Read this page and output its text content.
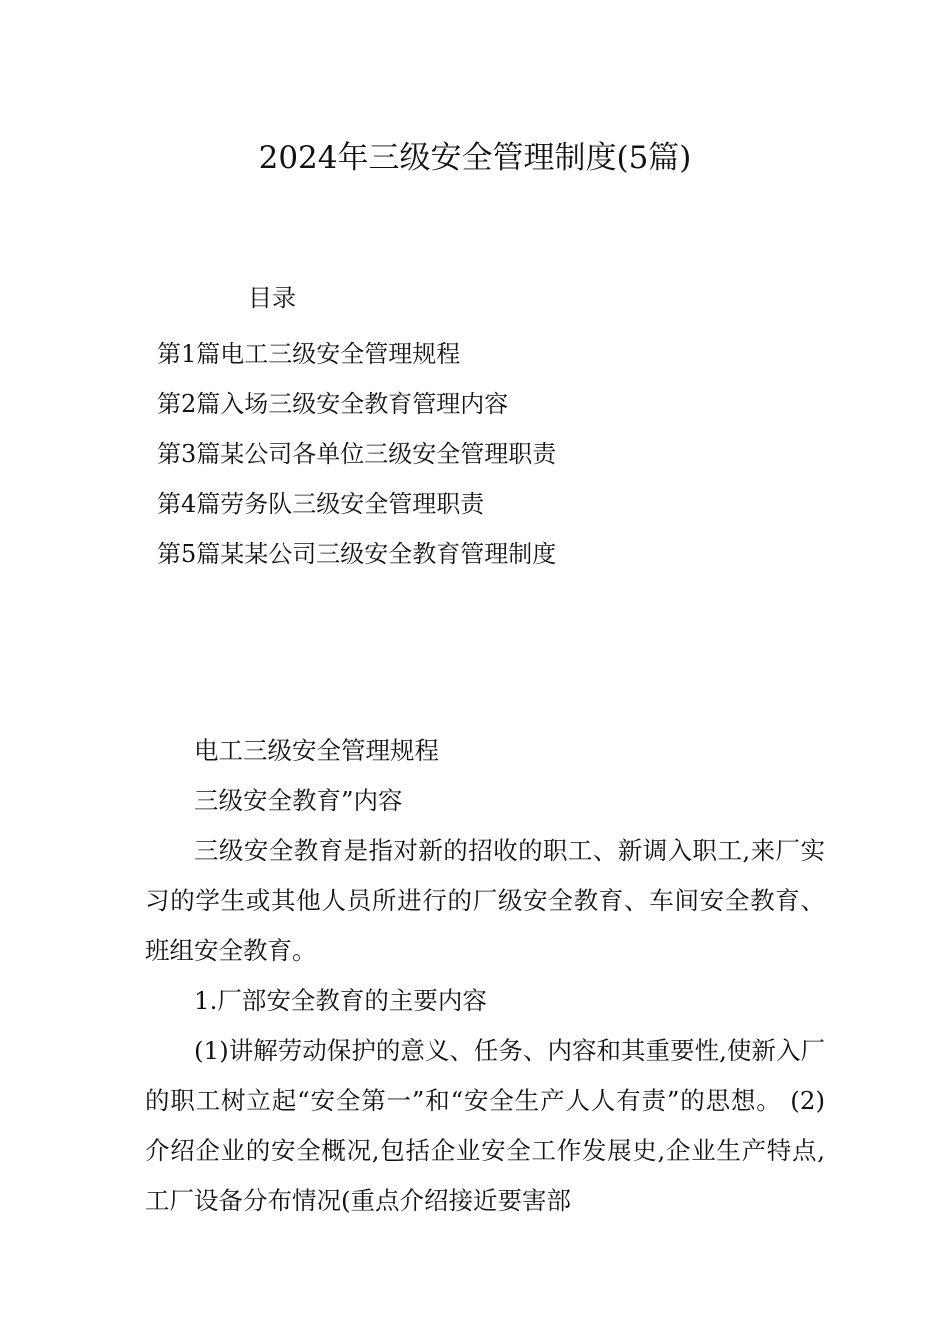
2024年三级安全管理制度(5篇)
目录
第1篇电工三级安全管理规程
第2篇入场三级安全教育管理内容
第3篇某公司各单位三级安全管理职责
第4篇劳务队三级安全管理职责
第5篇某某公司三级安全教育管理制度

电工三级安全管理规程

三级安全教育”内容

三级安全教育是指对新的招收的职工、新调入职工,来厂实习的学生或其他人员所进行的厂级安全教育、车间安全教育、班组安全教育。

1.厂部安全教育的主要内容

(1)讲解劳动保护的意义、任务、内容和其重要性,使新入厂的职工树立起“安全第一”和“安全生产人人有责”的思想。 (2)介绍企业的安全概况,包括企业安全工作发展史,企业生产特点,工厂设备分布情况(重点介绍接近要害部
